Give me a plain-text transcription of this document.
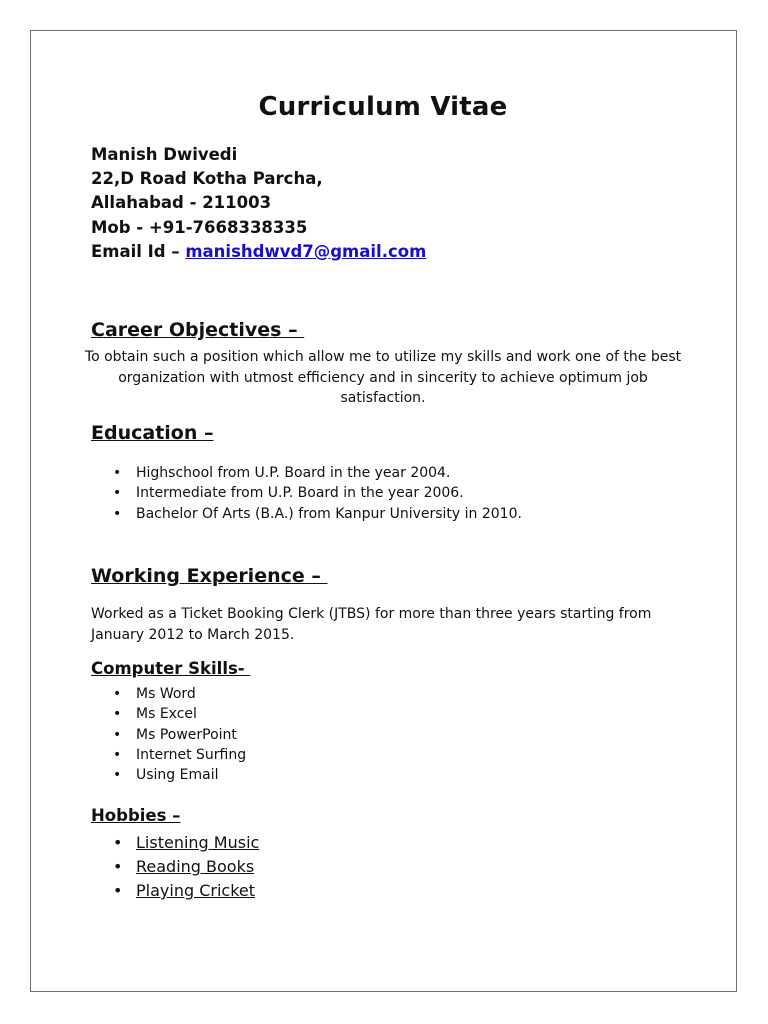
Curriculum Vitae
Manish Dwivedi
22,D Road Kotha Parcha,
Allahabad - 211003
Mob - +91-7668338335
Email Id – manishdwvd7@gmail.com
Career Objectives –
To obtain such a position which allow me to utilize my skills and work one of the best organization with utmost efficiency and in sincerity to achieve optimum job satisfaction.
Education –
• Highschool from U.P. Board in the year 2004.
• Intermediate from U.P. Board in the year 2006.
• Bachelor Of Arts (B.A.) from Kanpur University in 2010.
Working Experience –
Worked as a Ticket Booking Clerk (JTBS) for more than three years starting from January 2012 to March 2015.
Computer Skills-
• Ms Word
• Ms Excel
• Ms PowerPoint
• Internet Surfing
• Using Email
Hobbies –
• Listening Music
• Reading Books
• Playing Cricket
